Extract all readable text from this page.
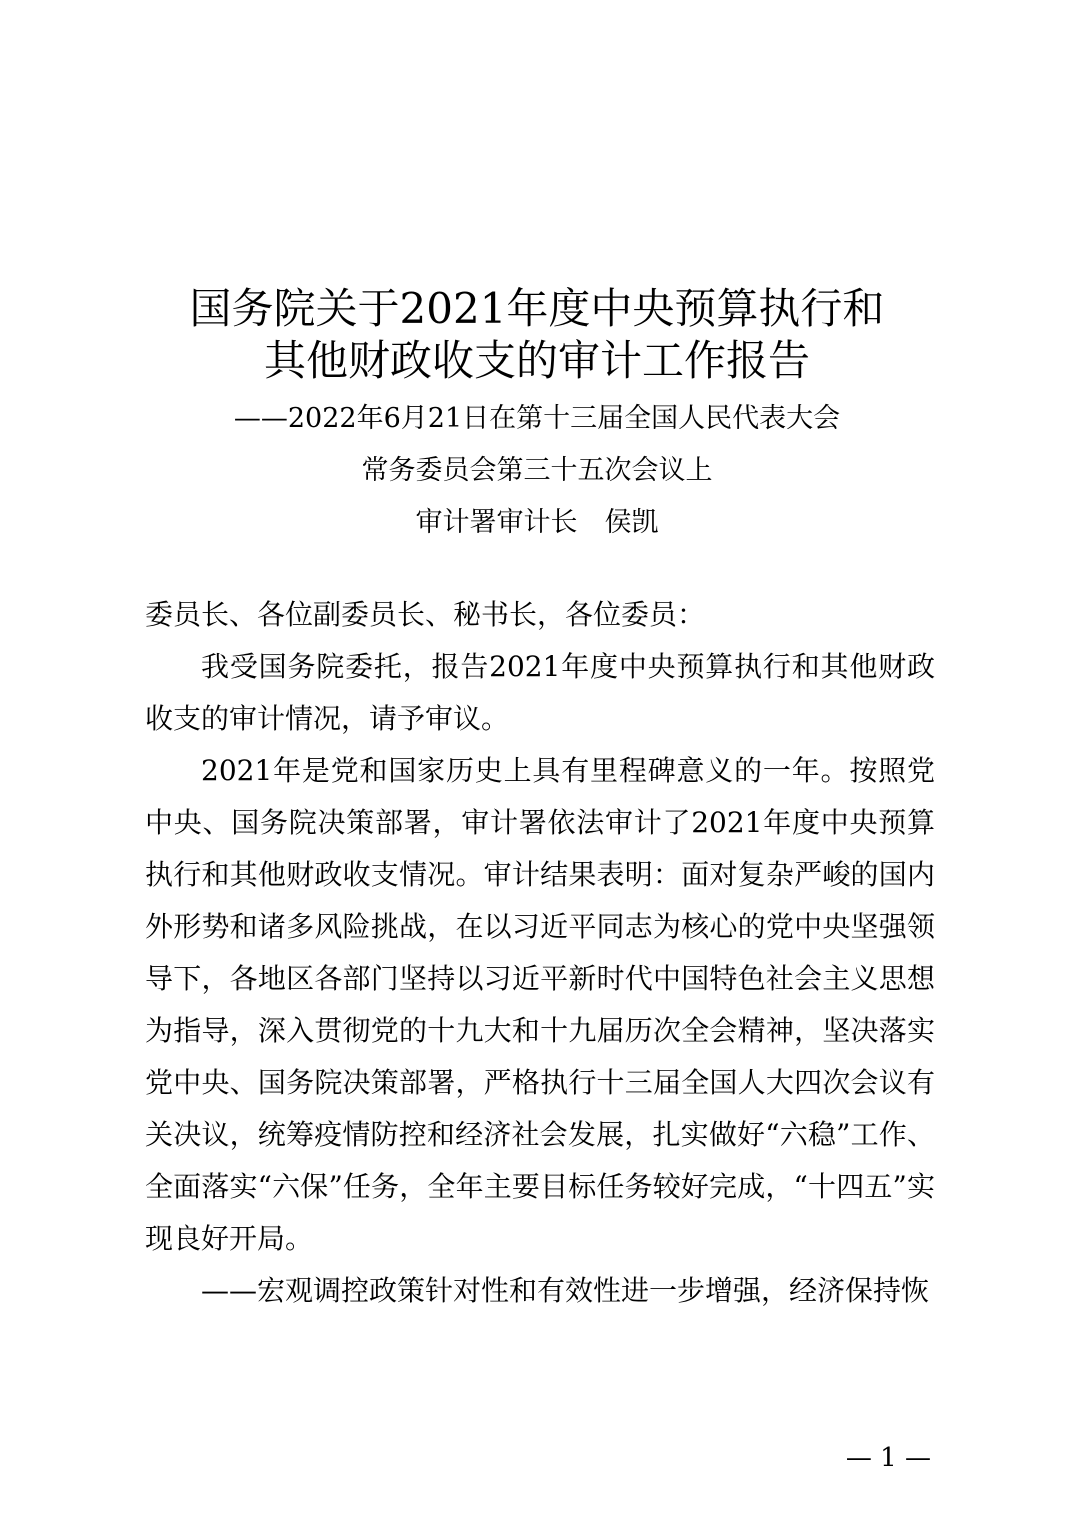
国务院关于2021年度中央预算执行和
其他财政收支的审计工作报告
——2022年6月21日在第十三届全国人民代表大会
常务委员会第三十五次会议上
审计署审计长　侯凯

委员长、各位副委员长、秘书长，各位委员：

我受国务院委托，报告2021年度中央预算执行和其他财政收支的审计情况，请予审议。

2021年是党和国家历史上具有里程碑意义的一年。按照党中央、国务院决策部署，审计署依法审计了2021年度中央预算执行和其他财政收支情况。审计结果表明：面对复杂严峻的国内外形势和诸多风险挑战，在以习近平同志为核心的党中央坚强领导下，各地区各部门坚持以习近平新时代中国特色社会主义思想为指导，深入贯彻党的十九大和十九届历次全会精神，坚决落实党中央、国务院决策部署，严格执行十三届全国人大四次会议有关决议，统筹疫情防控和经济社会发展，扎实做好“六稳”工作、全面落实“六保”任务，全年主要目标任务较好完成，“十四五”实现良好开局。

——宏观调控政策针对性和有效性进一步增强，经济保持恢

— 1 —
